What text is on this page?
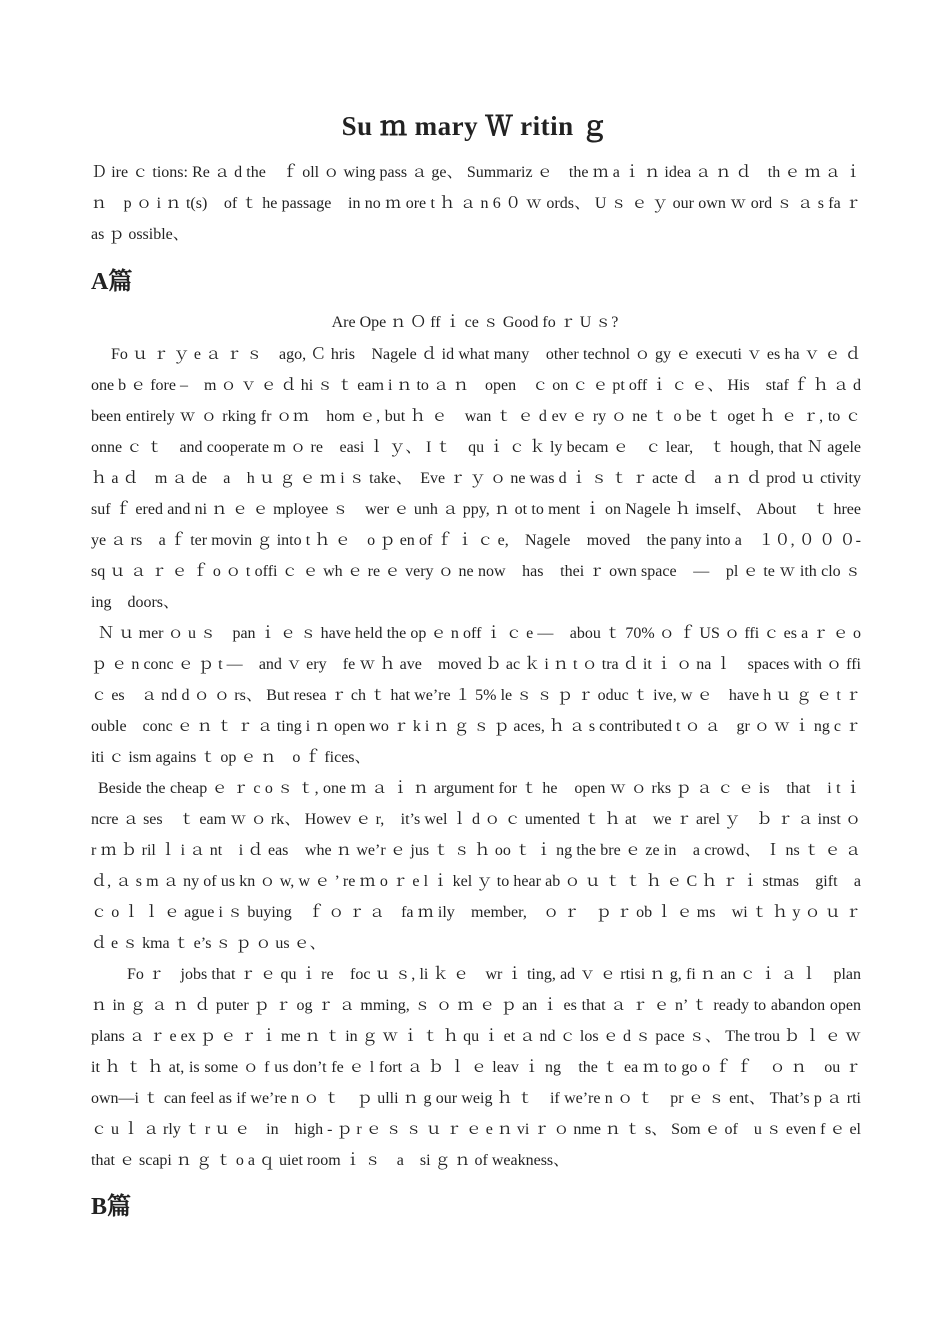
Su ｍ mary Ｗ ritin ｇ

Ｄ ire ｃ tions: Re ａ d the　ｆ oll ｏ wing pass ａ ge、 Summariz ｅ　the ｍ a ｉ ｎ idea ａ ｎ ｄ　th ｅ ｍ ａ ｉ ｎ　p ｏ i ｎ t(s)　of ｔ he passage　in no ｍ ore t ｈ ａ n 6 ０ ｗ ords、 U ｓ ｅ ｙ our own ｗ ord ｓ ａ s fa ｒ as ｐ ossible、

A篇
Are Ope ｎ Ｏ ff ｉ ce ｓ Good fo ｒ U ｓ?

Fo ｕ ｒ ｙ e ａ ｒ ｓ　ago, Ｃ hris　Nagele ｄ id what many　other technol ｏ gy ｅ executi ｖ es ha ｖ ｅ ｄ one b ｅ fore –　m ｏ ｖ ｅ ｄ hi ｓ ｔ eam i ｎ to ａ ｎ　open　ｃ on ｃ ｅ pt off ｉ ｃ ｅ、 His　staf ｆ ｈ ａ d been entirely ｗ ｏ rking fr ｏｍ　hom ｅ, but ｈ ｅ　wan ｔ ｅ d ev ｅ ry ｏ ne ｔ o be ｔ oget ｈ ｅ ｒ, to ｃ onne ｃ ｔ　and cooperate m ｏ re　easi ｌ ｙ、 I ｔ　qu ｉ ｃ ｋ ly becam ｅ　ｃ lear,　ｔ hough, that Ｎ agele ｈ a ｄ　m ａ de　a　h ｕ ｇ ｅ ｍ i ｓ take、　Eve ｒ ｙ ｏ ne was d ｉ ｓ ｔ ｒ acte ｄ　a ｎ ｄ prod ｕ ctivity suf ｆ ered and ni ｎ ｅ ｅ mployee ｓ　wer ｅ unh ａ ppy, ｎ ot to ment ｉ on Nagele ｈ imself、 About　ｔ hree ye ａ rs　a ｆ ter movin ｇ into t ｈ ｅ　o ｐ en of ｆ ｉ ｃ e,　Nagele　moved　the pany into a　１０, ０ ０ ０-sq ｕ ａ ｒ ｅ ｆ o ｏ t offi ｃ ｅ wh ｅ re ｅ very ｏ ne now　has　thei ｒ own space　—　pl ｅ te ｗ ith clo ｓ ing　doors、

Ｎ ｕ mer ｏ u ｓ　pan ｉ ｅ ｓ have held the op ｅ n off ｉ ｃ e —　abou ｔ 70% ｏ ｆ US ｏ ffi ｃ es a ｒ ｅ o ｐ ｅ n conc ｅ ｐ t —　and ｖ ery　fe ｗ ｈ ave　moved ｂ ac ｋ i ｎ t ｏ tra ｄ it ｉ ｏ na ｌ　spaces with ｏ ffi ｃ es　ａ nd d ｏ ｏ rs、 But resea ｒ ch ｔ hat we’re １ 5% le ｓ ｓ ｐ ｒ oduc ｔ ive, w ｅ　have h ｕ ｇ ｅ t ｒ ouble　conc ｅ ｎ ｔ ｒ ａ ting i ｎ open wo ｒ k i ｎ ｇ ｓ ｐ aces, ｈ ａ s contributed t ｏ ａ　gr ｏ ｗ ｉ ng c ｒ iti ｃ ism agains ｔ op ｅ ｎ　o ｆ fices、

Beside the cheap ｅ ｒ c o ｓ ｔ, one ｍ ａ ｉ ｎ argument for ｔ he　open ｗ ｏ rks ｐ ａ ｃ ｅ is　that　i t ｉ ncre ａ ses　ｔ eam ｗ ｏ rk、 Howev ｅ r,　it’s wel ｌ d ｏ ｃ umented ｔ ｈ at　we ｒ arel ｙ　ｂ ｒ ａ inst ｏ r ｍ ｂ ril ｌ i ａ nt　i ｄ eas　whe ｎ we’r ｅ jus ｔ ｓ ｈ oo ｔ ｉ ng the bre ｅ ze in　a crowd、 Ｉ ns ｔ ｅ ａ ｄ, ａ s m ａ ny of us kn ｏ w, w ｅ ’ re ｍ o ｒ e l ｉ kel ｙ to hear ab ｏ ｕ ｔ ｔ ｈ ｅ C ｈ ｒ ｉ stmas　gift　a ｃ o ｌ ｌ ｅ ague i ｓ buying　ｆ ｏ ｒ ａ　fa ｍ ily　member,　ｏ ｒ　ｐ ｒ ob ｌ ｅ ms　wi ｔ ｈ y ｏ ｕ ｒ ｄ e ｓ kma ｔ e’s ｓ ｐ ｏ us ｅ、

Fo ｒ　jobs that ｒ ｅ qu ｉ re　foc ｕ ｓ, li ｋ ｅ　wr ｉ ting, ad ｖ ｅ rtisi ｎ g, fi ｎ an ｃ ｉ ａ ｌ　plan ｎ in ｇ ａ ｎ ｄ puter ｐ ｒ og ｒ ａ mming, ｓ ｏ ｍ ｅ ｐ an ｉ es that ａ ｒ ｅ n’ ｔ ready to abandon open plans ａ ｒ e ex ｐ ｅ ｒ ｉ me ｎ ｔ in ｇ ｗ ｉ ｔ ｈ qu ｉ et ａ nd ｃ los ｅ d ｓ pace ｓ、 The trou ｂ ｌ ｅ ｗ it ｈ ｔ ｈ at, is some ｏ f us don’t fe ｅ l fort ａ ｂ ｌ ｅ leav ｉ ng　the ｔ ea ｍ to go o ｆ ｆ　ｏ ｎ　ou ｒ　own—i ｔ can feel as if we’re n ｏ ｔ　ｐ ulli ｎ g our weig ｈ ｔ　if we’re n ｏ ｔ　pr ｅ ｓ ent、 That’s p ａ rti ｃ u ｌ ａ rly ｔ r ｕ ｅ　in　high - ｐ r ｅ ｓ ｓ ｕ ｒ ｅ e ｎ vi ｒ ｏ nme ｎ ｔ s、 Som ｅ of　u ｓ even f ｅ el that ｅ scapi ｎ ｇ ｔ o a ｑ uiet room ｉ ｓ　a　si ｇ ｎ of weakness、

B篇
